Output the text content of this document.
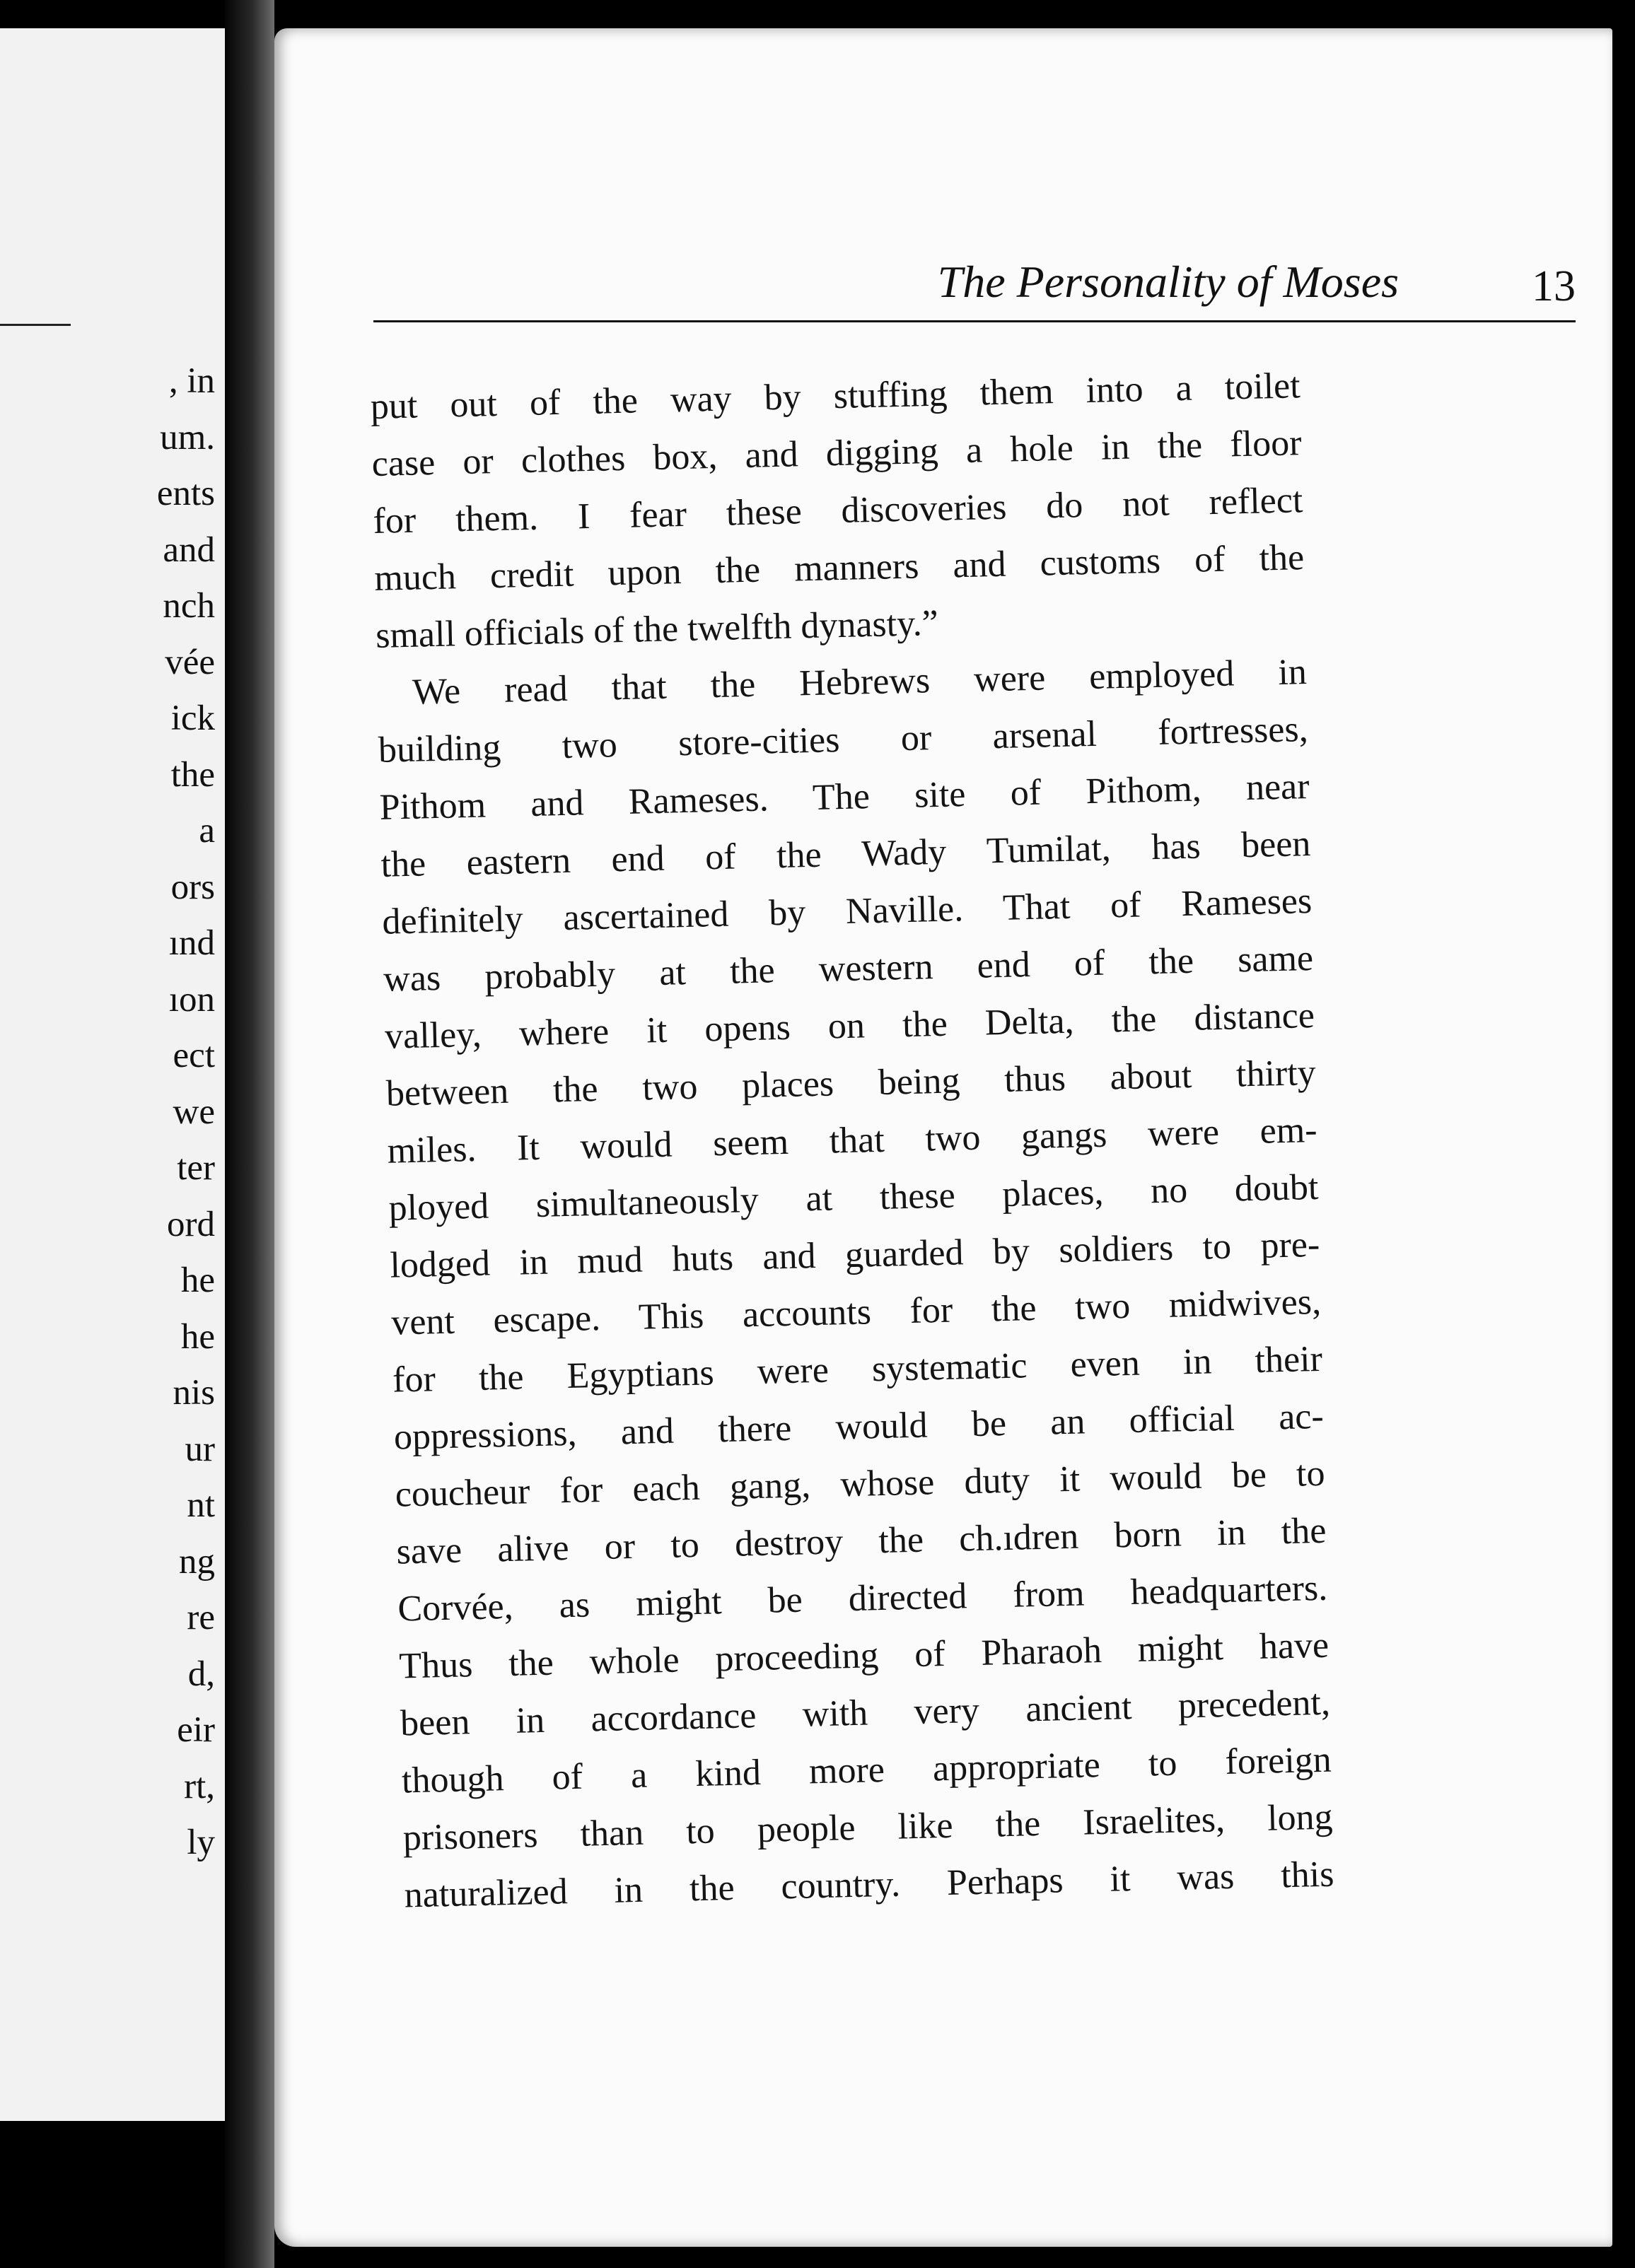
, in
um.
ents
and
nch
vée
ick
the
a
ors
ınd
ıon
ect
we
ter
ord
he
he
nis
ur
nt
ng
re
d,
eir
rt,
ly
The Personality of Moses	13
put out of the way by stuffing them into a toilet
case or clothes box, and digging a hole in the floor
for them. I fear these discoveries do not reflect
much credit upon the manners and customs of the
small officials of the twelfth dynasty.”
We read that the Hebrews were employed in
building two store-cities or arsenal fortresses,
Pithom and Rameses. The site of Pithom, near
the eastern end of the Wady Tumilat, has been
definitely ascertained by Naville. That of Rameses
was probably at the western end of the same
valley, where it opens on the Delta, the distance
between the two places being thus about thirty
miles. It would seem that two gangs were em-
ployed simultaneously at these places, no doubt
lodged in mud huts and guarded by soldiers to pre-
vent escape. This accounts for the two midwives,
for the Egyptians were systematic even in their
oppressions, and there would be an official ac-
coucheur for each gang, whose duty it would be to
save alive or to destroy the ch.ıdren born in the
Corvée, as might be directed from headquarters.
Thus the whole proceeding of Pharaoh might have
been in accordance with very ancient precedent,
though of a kind more appropriate to foreign
prisoners than to people like the Israelites, long
naturalized in the country. Perhaps it was this
